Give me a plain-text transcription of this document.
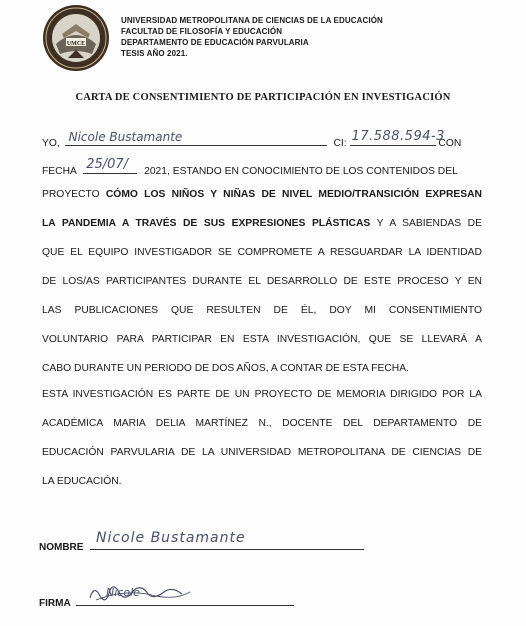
UMCE
UNIVERSIDAD METROPOLITANA DE CIENCIAS DE LA EDUCACIÓN
FACULTAD DE FILOSOFÍA Y EDUCACIÓN
DEPARTAMENTO DE EDUCACIÓN PARVULARIA
TESIS AÑO 2021.
CARTA DE CONSENTIMIENTO DE PARTICIPACIÓN EN INVESTIGACIÓN
YO, Nicole Bustamante	CI: 17.588.594-3
CON
FECHA 25/07/ 2021, ESTANDO EN CONOCIMIENTO DE LOS CONTENIDOS DEL
PROYECTO CÓMO LOS NIÑOS Y NIÑAS DE NIVEL MEDIO/TRANSICIÓN EXPRESAN
LA PANDEMIA A TRAVÉS DE SUS EXPRESIONES PLÁSTICAS Y A SABIENDAS DE
QUE EL EQUIPO INVESTIGADOR SE COMPROMETE A RESGUARDAR LA IDENTIDAD
DE LOS/AS PARTICIPANTES DURANTE EL DESARROLLO DE ESTE PROCESO Y EN
LAS PUBLICACIONES QUE RESULTEN DE ÉL, DOY MI CONSENTIMIENTO
VOLUNTARIO PARA PARTICIPAR EN ESTA INVESTIGACIÓN, QUE SE LLEVARÁ A
CABO DURANTE UN PERIODO DE DOS AÑOS, A CONTAR DE ESTA FECHA.
ESTA INVESTIGACIÓN ES PARTE DE UN PROYECTO DE MEMORIA DIRIGIDO POR LA
ACADÉMICA MARIA DELIA MARTÍNEZ N., DOCENTE DEL DEPARTAMENTO DE
EDUCACIÓN PARVULARIA DE LA UNIVERSIDAD METROPOLITANA DE CIENCIAS DE
LA EDUCACIÓN.
NOMBRE
Nicole Bustamante
FIRMA
Nicole
